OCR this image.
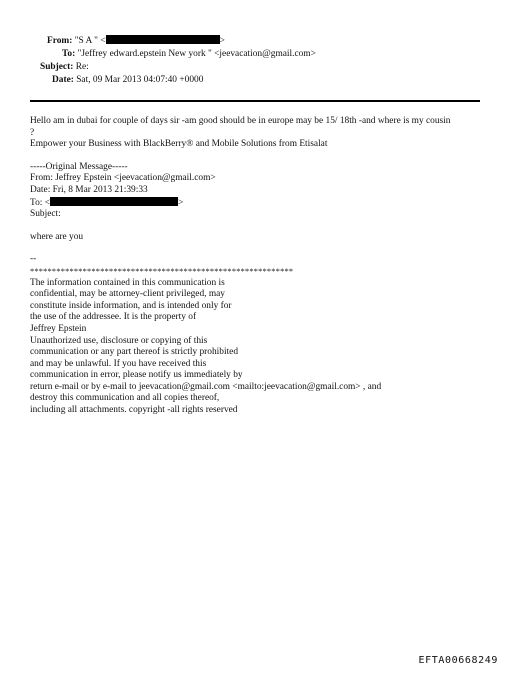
From: "S A " <	>
To: "Jeffrey edward.epstein New york " <jeevacation@gmail.com>
Subject: Re:
Date: Sat, 09 Mar 2013 04:07:40 +0000
Hello am in dubai for couple of days sir -am good should be in europe may be 15/ 18th -and where is my cousin
?
Empower your Business with BlackBerry® and Mobile Solutions from Etisalat
-----Original Message-----
From: Jeffrey Epstein <jeevacation@gmail.com>
Date: Fri, 8 Mar 2013 21:39:33
To: <	>
Subject:
where are you
--
************************************************************
The information contained in this communication is
confidential, may be attorney-client privileged, may
constitute inside information, and is intended only for
the use of the addressee. It is the property of
Jeffrey Epstein
Unauthorized use, disclosure or copying of this
communication or any part thereof is strictly prohibited
and may be unlawful. If you have received this
communication in error, please notify us immediately by
return e-mail or by e-mail to jeevacation@gmail.com <mailto:jeevacation@gmail.com> , and
destroy this communication and all copies thereof,
including all attachments. copyright -all rights reserved
EFTA00668249
